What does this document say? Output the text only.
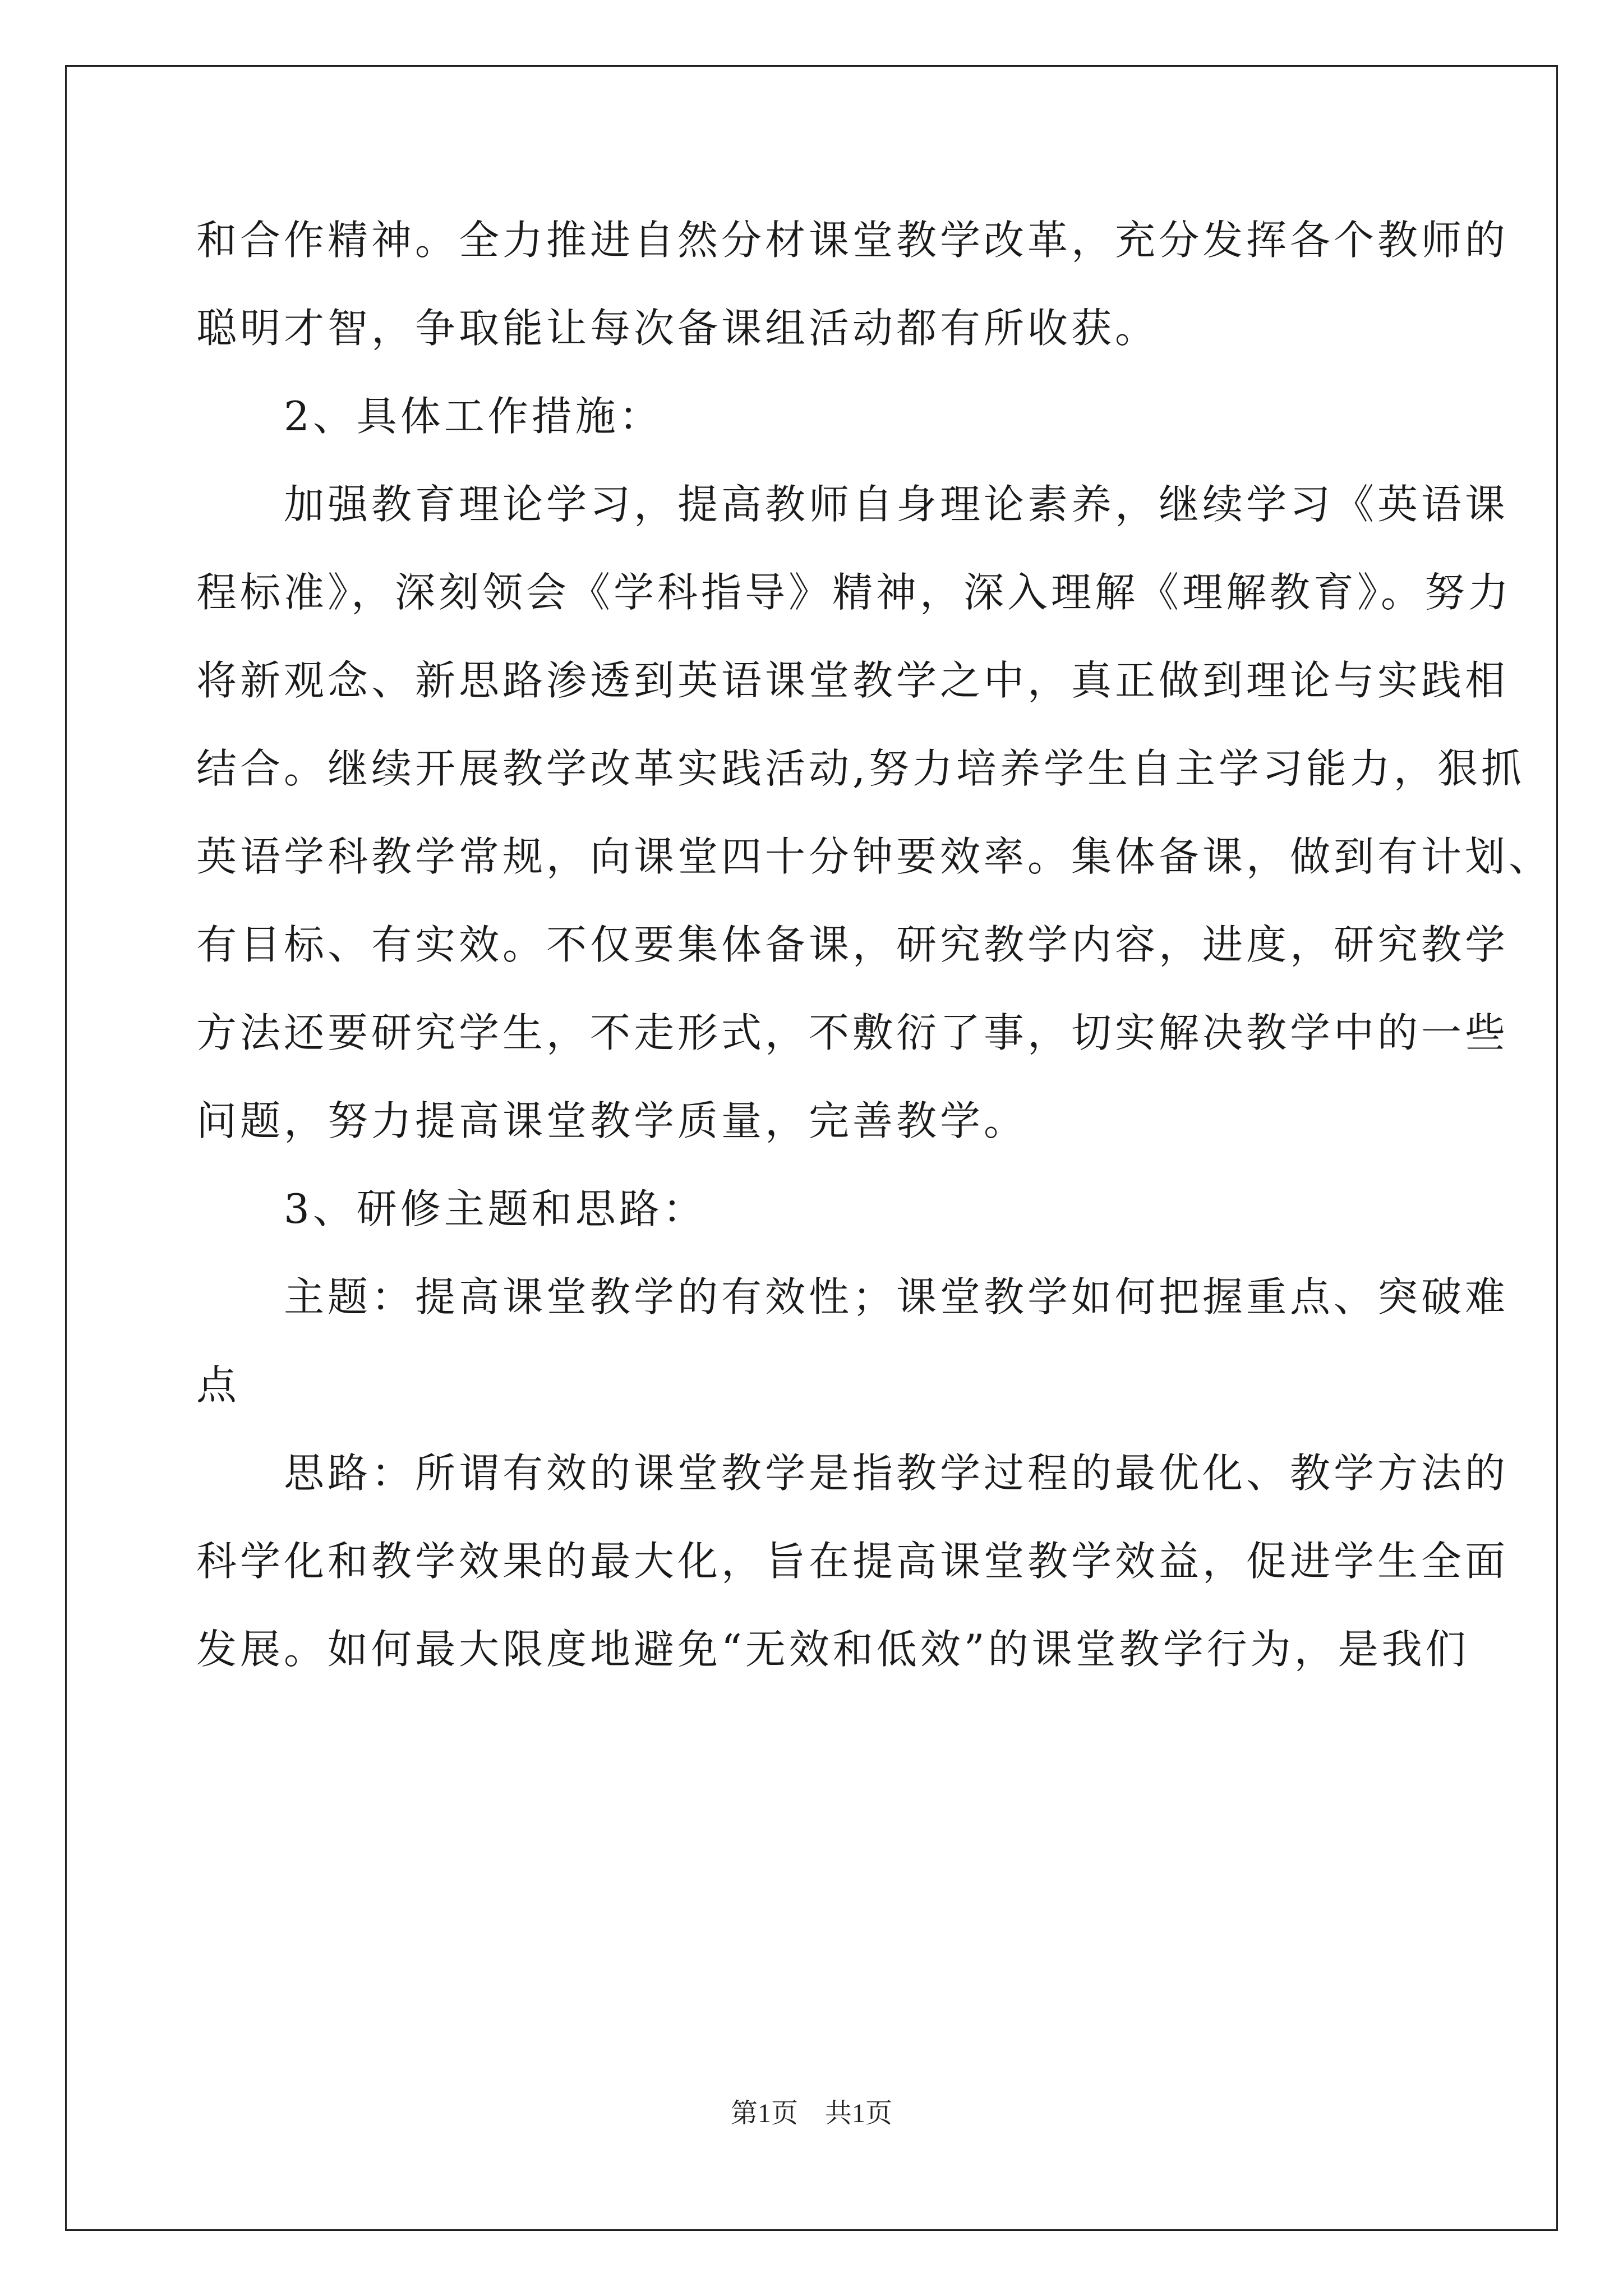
和合作精神。全力推进自然分材课堂教学改革，充分发挥各个教师的
聪明才智，争取能让每次备课组活动都有所收获。
　　2、具体工作措施：
　　加强教育理论学习，提高教师自身理论素养，继续学习《英语课
程标准》，深刻领会《学科指导》精神，深入理解《理解教育》。努力
将新观念、新思路渗透到英语课堂教学之中，真正做到理论与实践相
结合。继续开展教学改革实践活动,努力培养学生自主学习能力，狠抓
英语学科教学常规，向课堂四十分钟要效率。集体备课，做到有计划、
有目标、有实效。不仅要集体备课，研究教学内容，进度，研究教学
方法还要研究学生，不走形式，不敷衍了事，切实解决教学中的一些
问题，努力提高课堂教学质量，完善教学。
　　3、研修主题和思路：
　　主题：提高课堂教学的有效性；课堂教学如何把握重点、突破难
点
　　思路：所谓有效的课堂教学是指教学过程的最优化、教学方法的
科学化和教学效果的最大化，旨在提高课堂教学效益，促进学生全面
发展。如何最大限度地避免“无效和低效”的课堂教学行为，是我们
第1页 共1页
